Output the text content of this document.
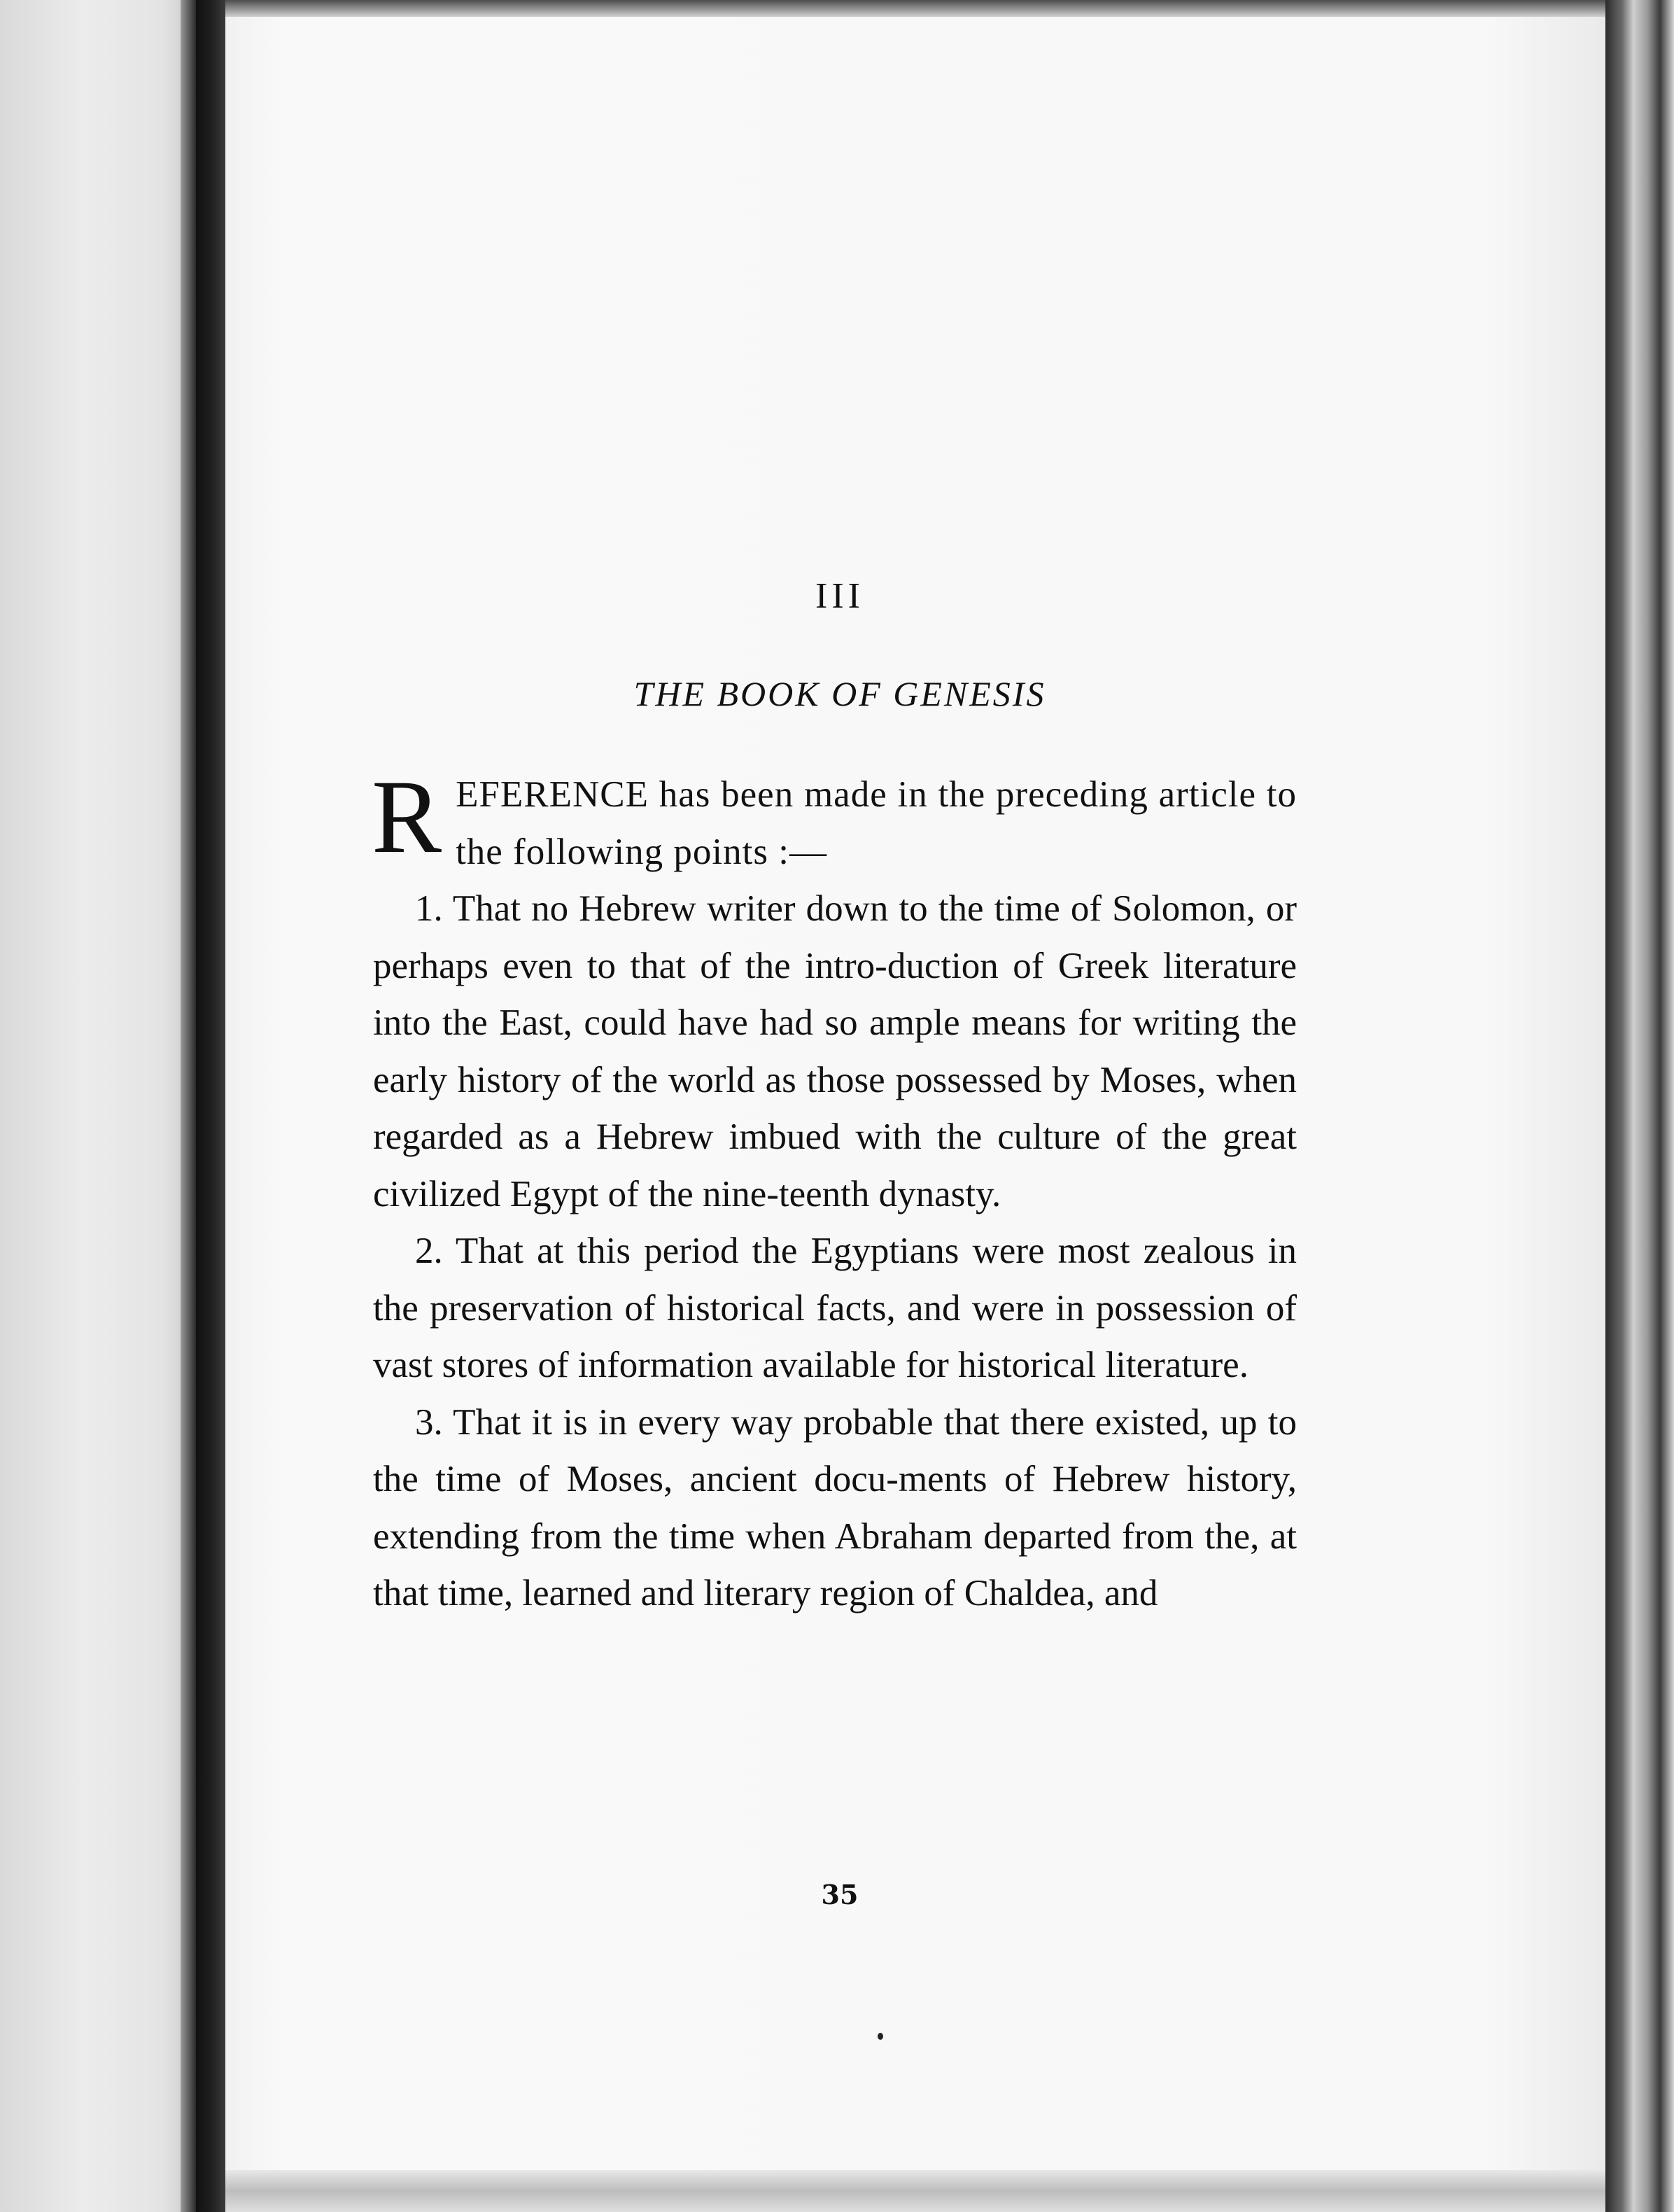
III
THE BOOK OF GENESIS

REFERENCE has been made in the preceding article to the following points :—

1. That no Hebrew writer down to the time of Solomon, or perhaps even to that of the intro-duction of Greek literature into the East, could have had so ample means for writing the early history of the world as those possessed by Moses, when regarded as a Hebrew imbued with the culture of the great civilized Egypt of the nine-teenth dynasty.

2. That at this period the Egyptians were most zealous in the preservation of historical facts, and were in possession of vast stores of information available for historical literature.

3. That it is in every way probable that there existed, up to the time of Moses, ancient docu-ments of Hebrew history, extending from the time when Abraham departed from the, at that time, learned and literary region of Chaldea, and

35
